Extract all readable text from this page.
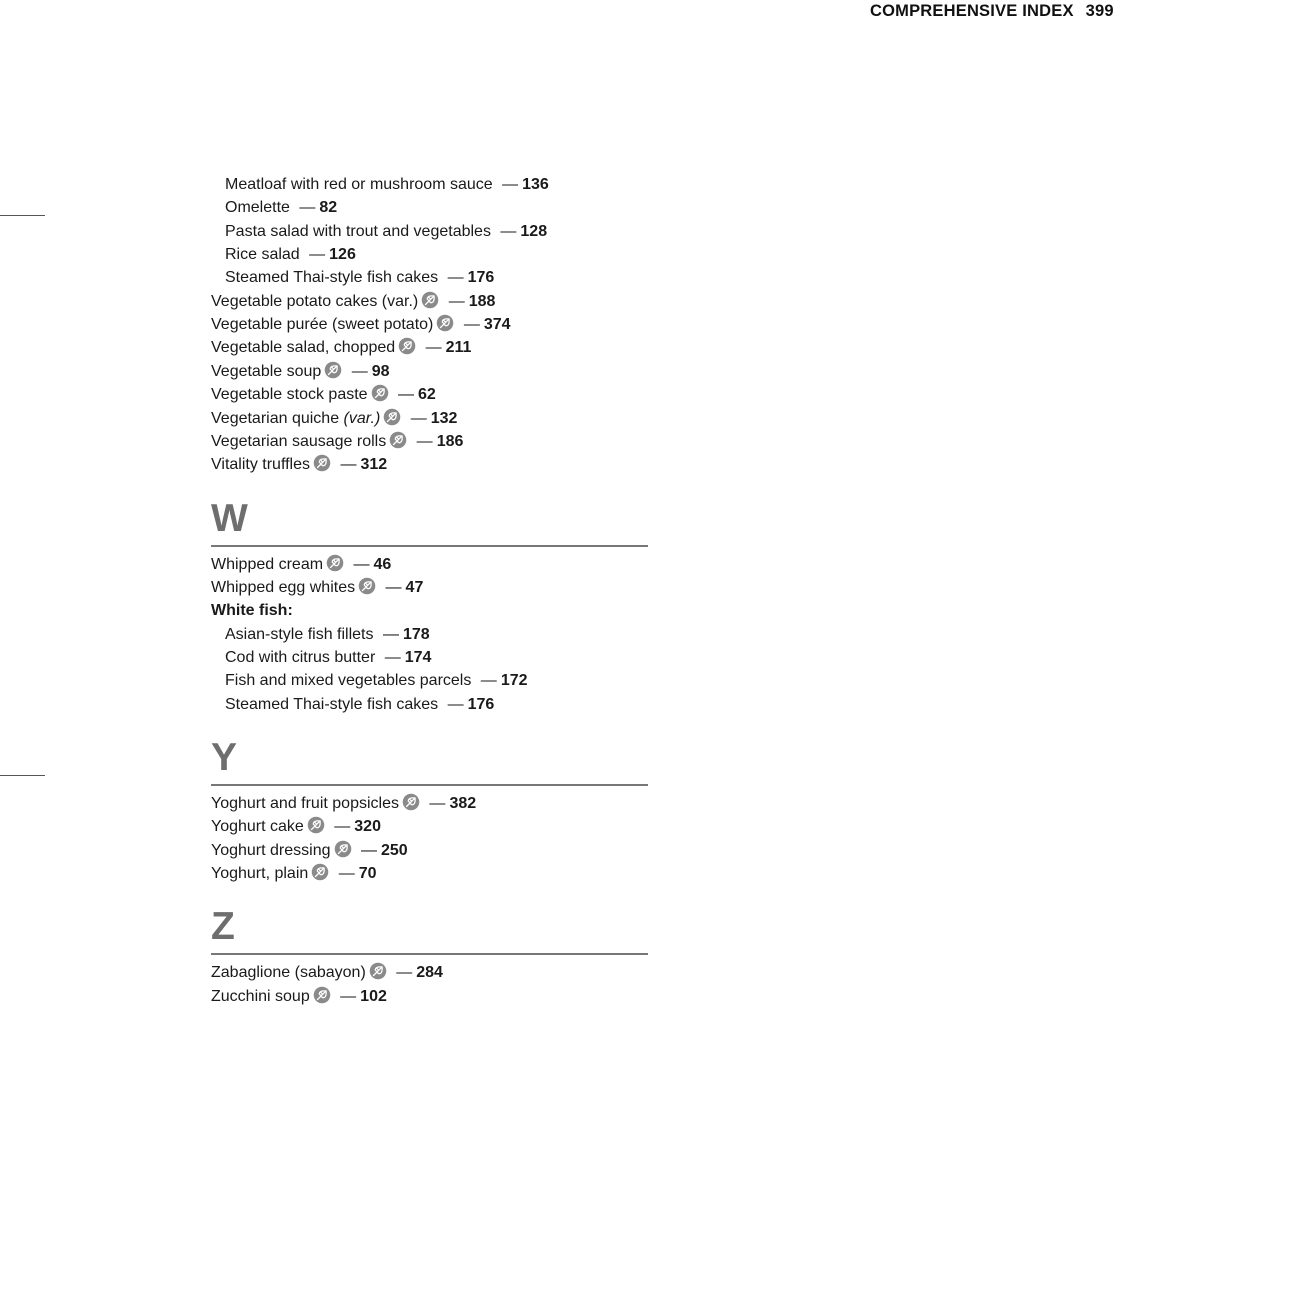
COMPREHENSIVE INDEX 399
Meatloaf with red or mushroom sauce — 136
Omelette — 82
Pasta salad with trout and vegetables — 128
Rice salad — 126
Steamed Thai-style fish cakes — 176
Vegetable potato cakes (var.) — 188
Vegetable purée (sweet potato) — 374
Vegetable salad, chopped — 211
Vegetable soup — 98
Vegetable stock paste — 62
Vegetarian quiche (var.) — 132
Vegetarian sausage rolls — 186
Vitality truffles — 312
W
Whipped cream — 46
Whipped egg whites — 47
White fish:
Asian-style fish fillets — 178
Cod with citrus butter — 174
Fish and mixed vegetables parcels — 172
Steamed Thai-style fish cakes — 176
Y
Yoghurt and fruit popsicles — 382
Yoghurt cake — 320
Yoghurt dressing — 250
Yoghurt, plain — 70
Z
Zabaglione (sabayon) — 284
Zucchini soup — 102
